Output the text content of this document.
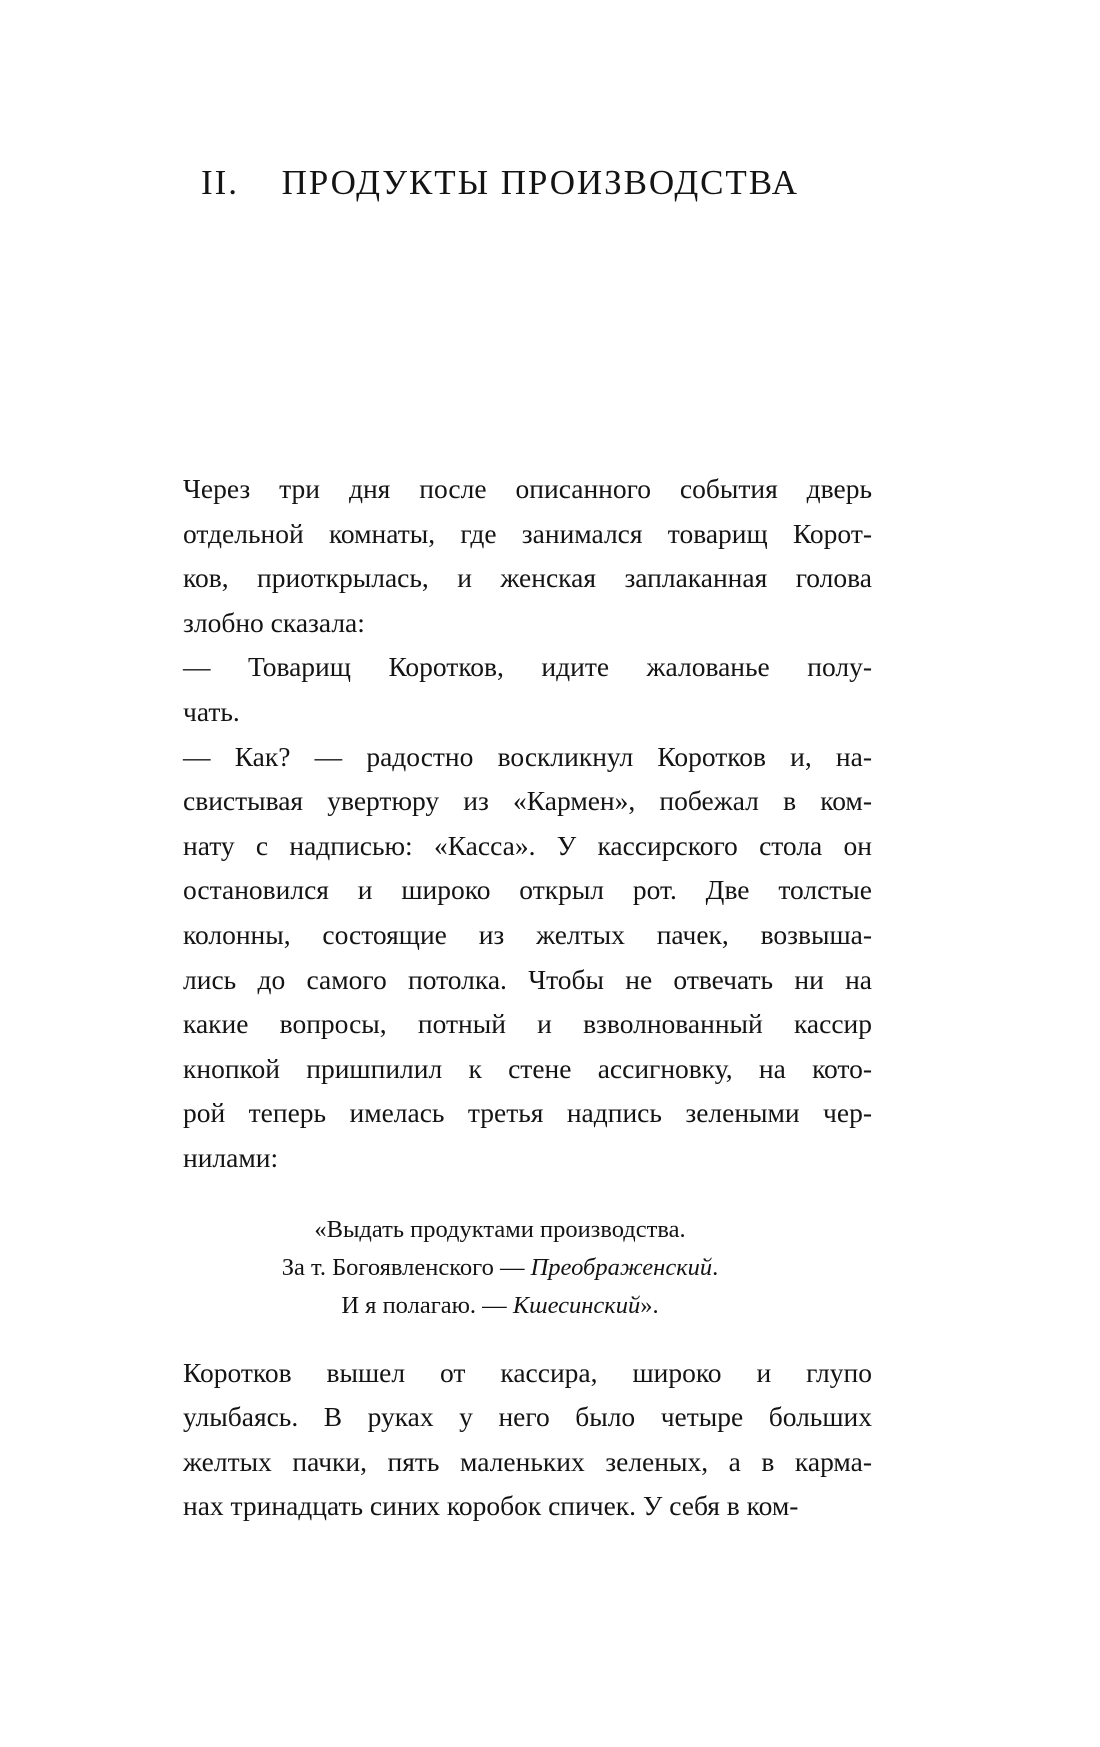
II. ПРОДУКТЫ ПРОИЗВОДСТВА

Через три дня после описанного события дверь
отдельной комнаты, где занимался товарищ Корот-
ков, приоткрылась, и женская заплаканная голова
злобно сказала:

— Товарищ Коротков, идите жалованье полу-
чать.

— Как? — радостно воскликнул Коротков и, на-
свистывая увертюру из «Кармен», побежал в ком-
нату с надписью: «Касса». У кассирского стола он
остановился и широко открыл рот. Две толстые
колонны, состоящие из желтых пачек, возвыша-
лись до самого потолка. Чтобы не отвечать ни на
какие вопросы, потный и взволнованный кассир
кнопкой пришпилил к стене ассигновку, на кото-
рой теперь имелась третья надпись зелеными чер-
нилами:

«Выдать продуктами производства.
За т. Богоявленского — Преображенский.
И я полагаю. — Кшесинский».

Коротков вышел от кассира, широко и глупо
улыбаясь. В руках у него было четыре больших
желтых пачки, пять маленьких зеленых, а в карма-
нах тринадцать синих коробок спичек. У себя в ком-
